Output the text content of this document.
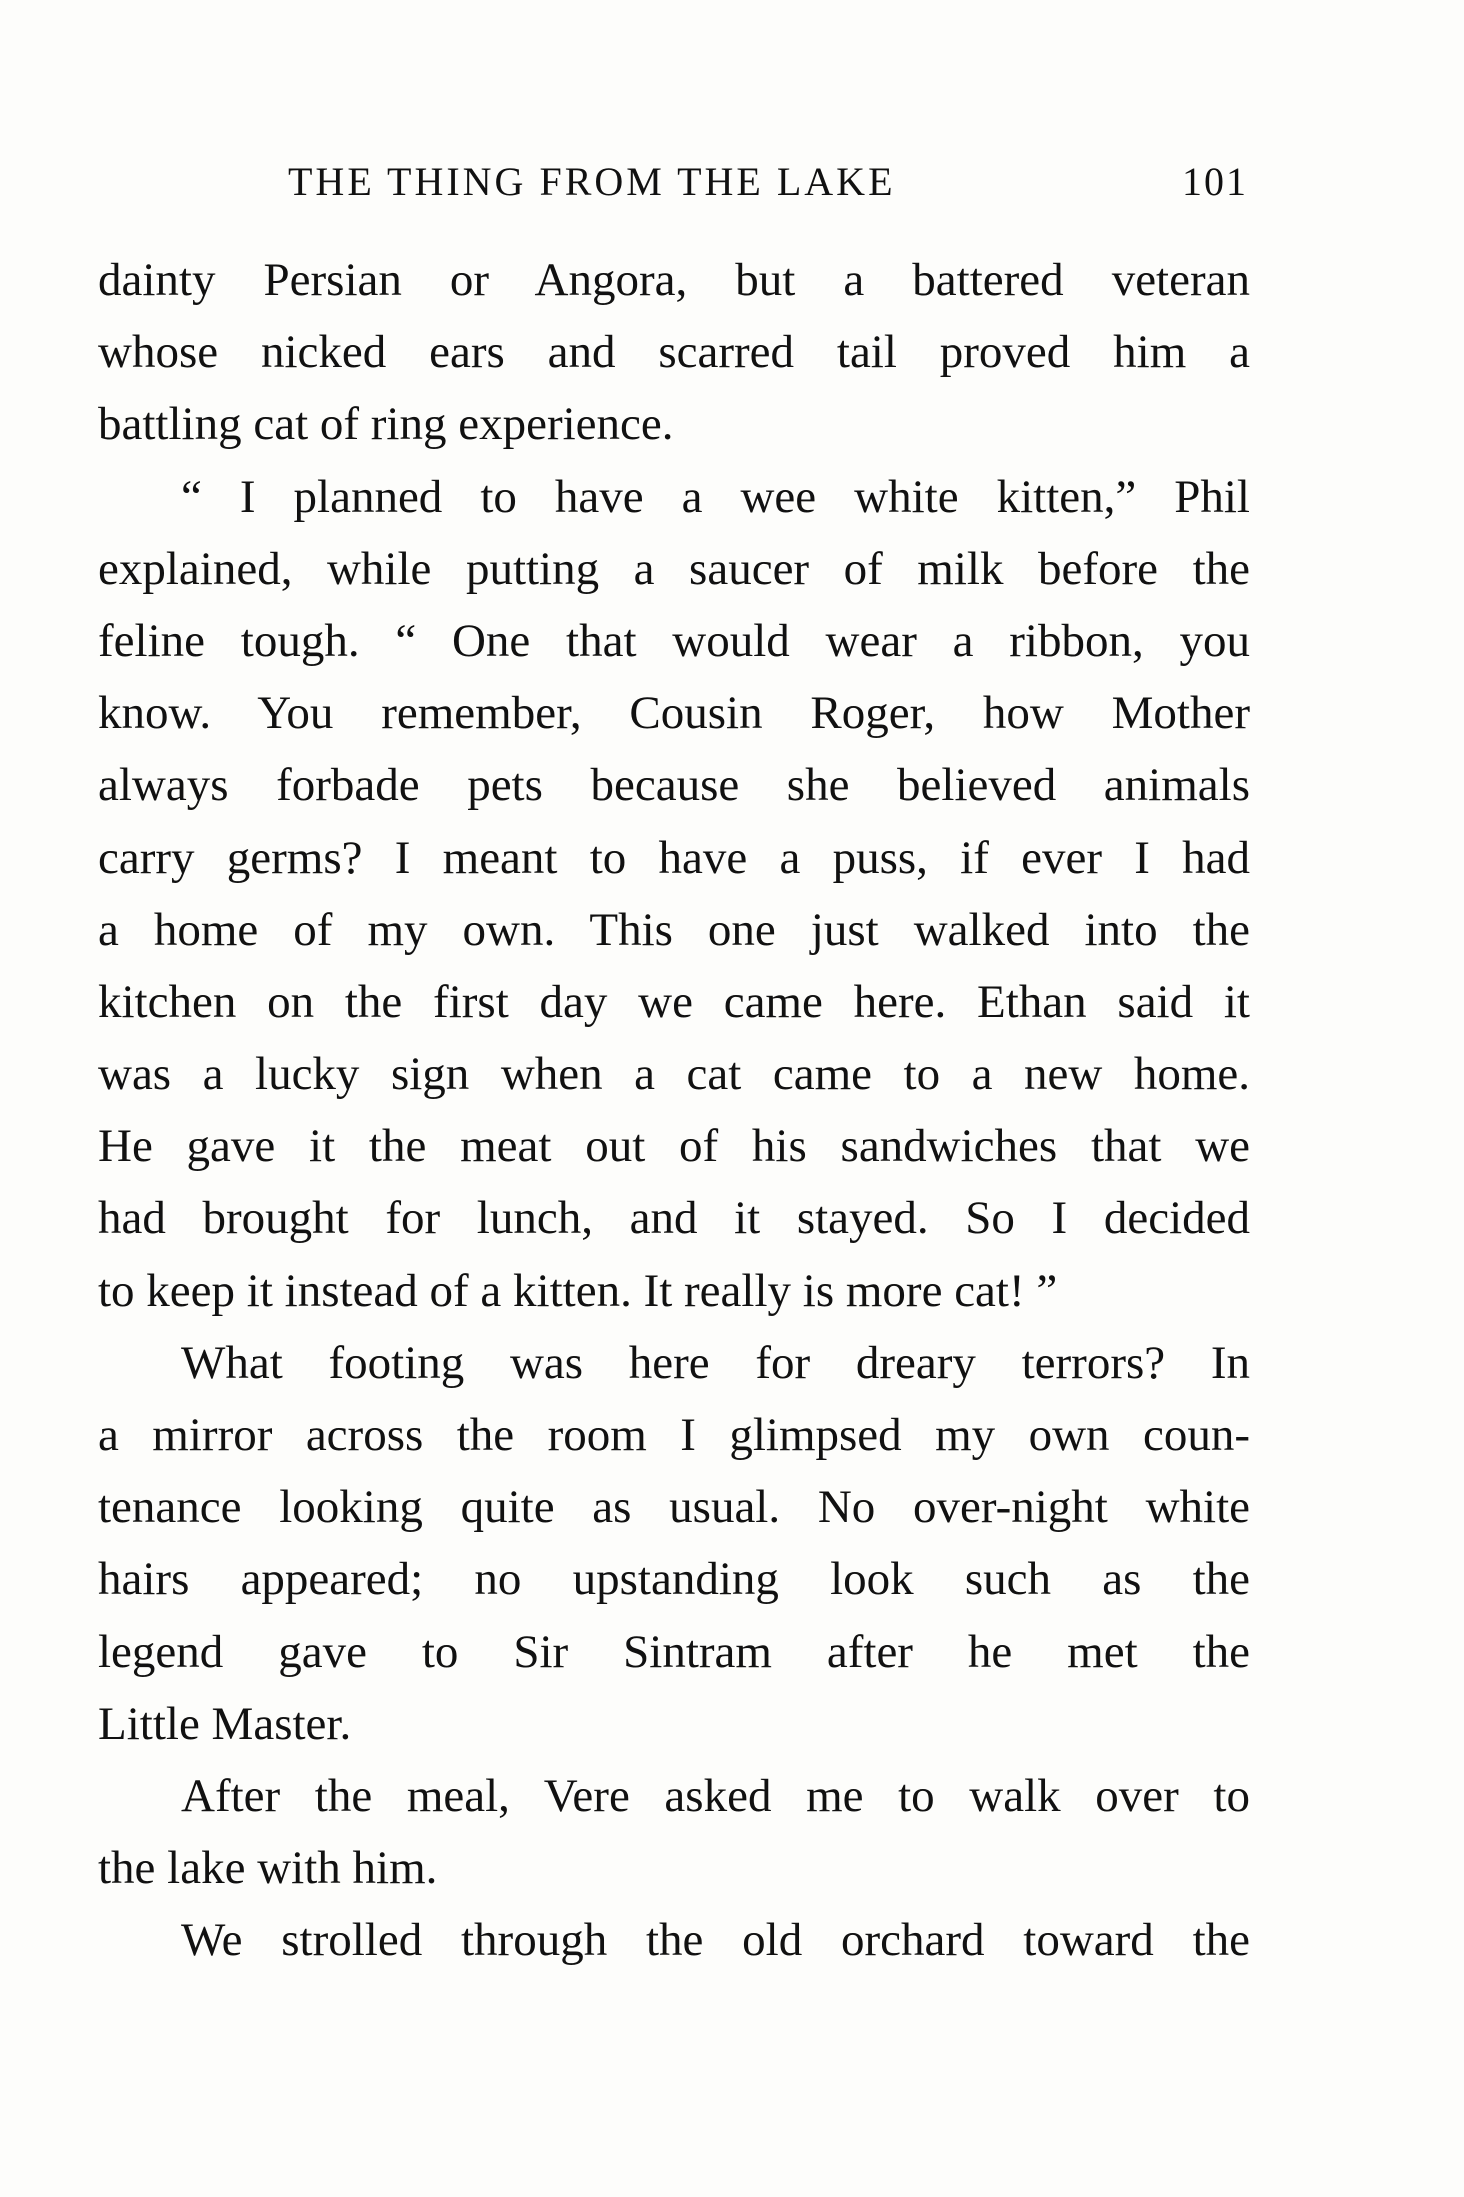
THE THING FROM THE LAKE	101
dainty Persian or Angora, but a battered veteran
whose nicked ears and scarred tail proved him a
battling cat of ring experience.
“ I planned to have a wee white kitten,” Phil
explained, while putting a saucer of milk before the
feline tough. “ One that would wear a ribbon, you
know. You remember, Cousin Roger, how Mother
always forbade pets because she believed animals
carry germs? I meant to have a puss, if ever I had
a home of my own. This one just walked into the
kitchen on the first day we came here. Ethan said it
was a lucky sign when a cat came to a new home.
He gave it the meat out of his sandwiches that we
had brought for lunch, and it stayed. So I decided
to keep it instead of a kitten. It really is more cat! ”
What footing was here for dreary terrors? In
a mirror across the room I glimpsed my own coun-
tenance looking quite as usual. No over-night white
hairs appeared; no upstanding look such as the
legend gave to Sir Sintram after he met the
Little Master.
After the meal, Vere asked me to walk over to
the lake with him.
We strolled through the old orchard toward the
